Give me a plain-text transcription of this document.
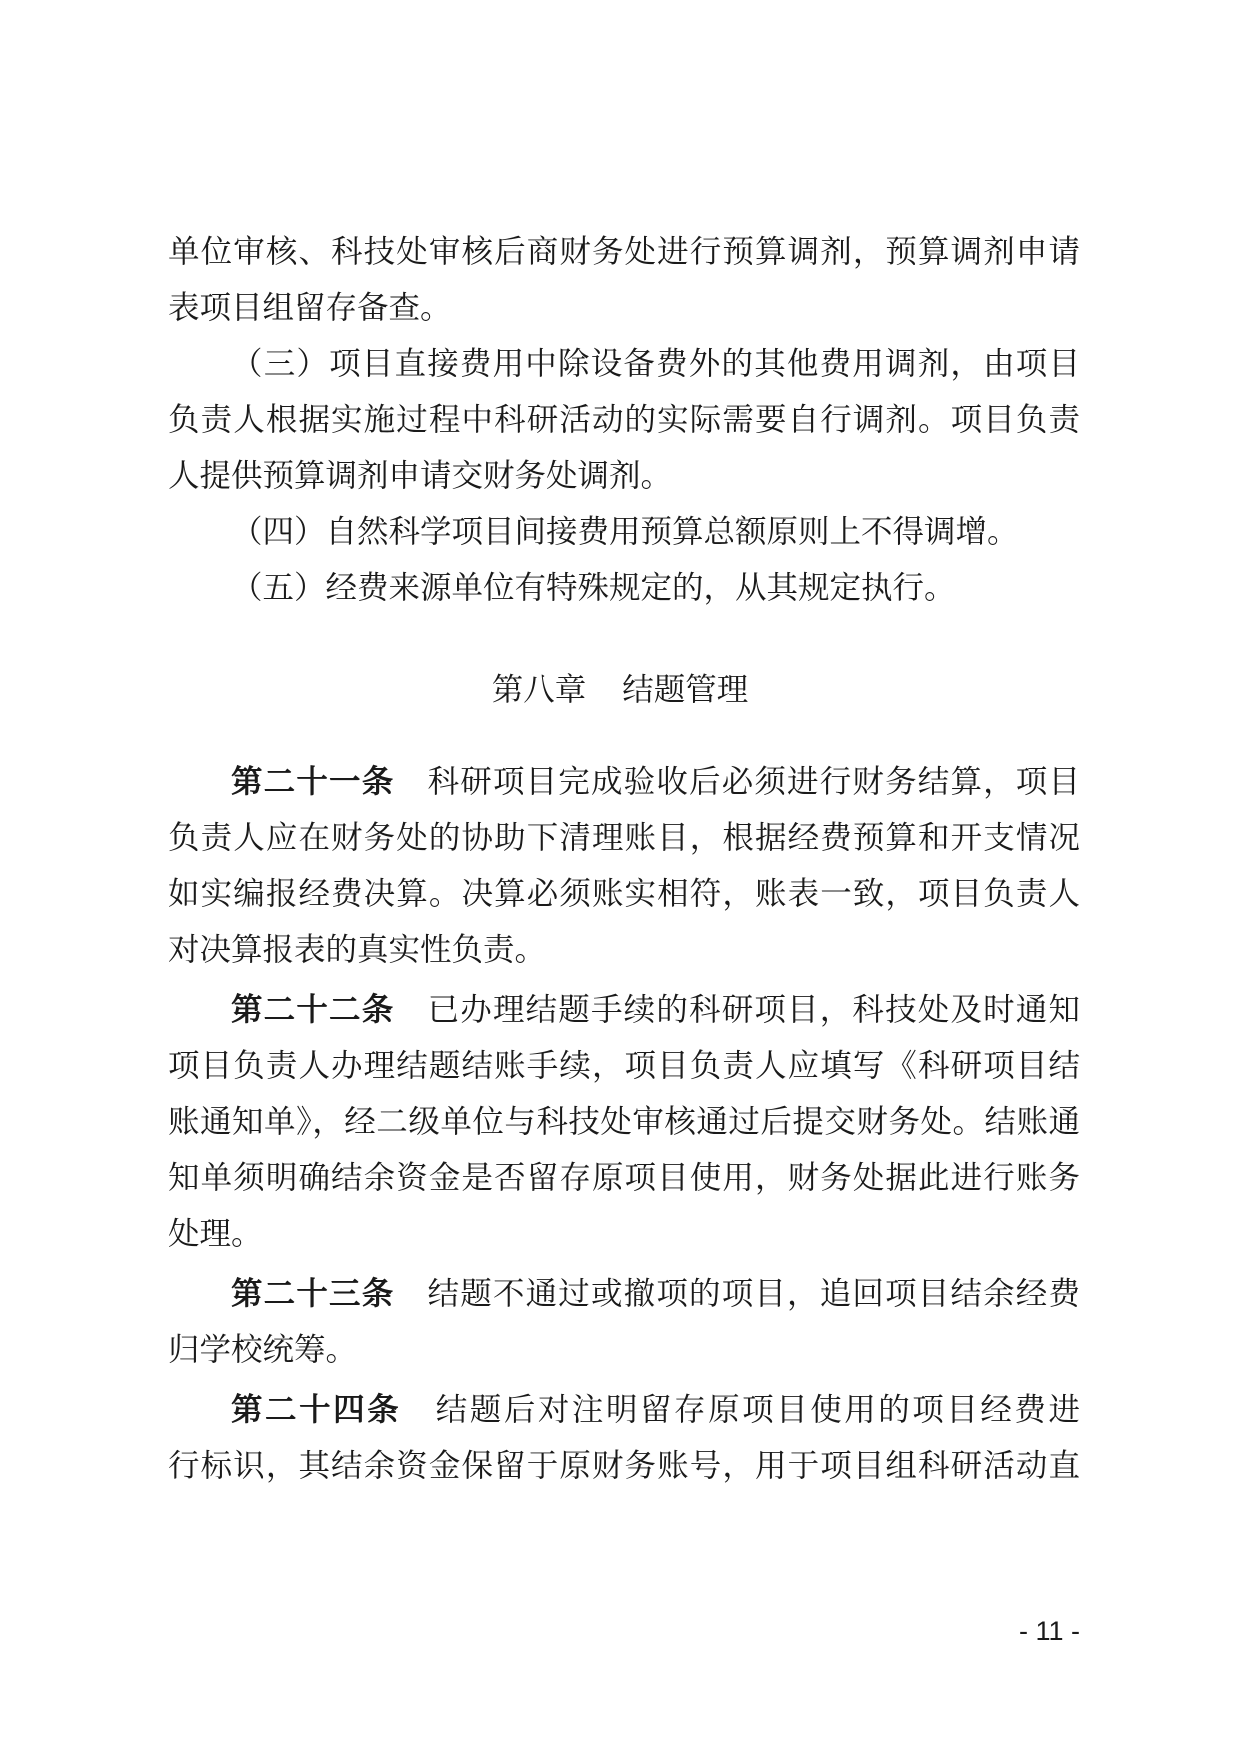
单位审核、科技处审核后商财务处进行预算调剂，预算调剂申请
表项目组留存备查。
（三）项目直接费用中除设备费外的其他费用调剂，由项目
负责人根据实施过程中科研活动的实际需要自行调剂。项目负责
人提供预算调剂申请交财务处调剂。
（四）自然科学项目间接费用预算总额原则上不得调增。
（五）经费来源单位有特殊规定的，从其规定执行。
第八章 结题管理
第二十一条 科研项目完成验收后必须进行财务结算，项目
负责人应在财务处的协助下清理账目，根据经费预算和开支情况
如实编报经费决算。决算必须账实相符，账表一致，项目负责人
对决算报表的真实性负责。
第二十二条 已办理结题手续的科研项目，科技处及时通知
项目负责人办理结题结账手续，项目负责人应填写《科研项目结
账通知单》，经二级单位与科技处审核通过后提交财务处。结账通
知单须明确结余资金是否留存原项目使用，财务处据此进行账务
处理。
第二十三条 结题不通过或撤项的项目，追回项目结余经费
归学校统筹。
第二十四条 结题后对注明留存原项目使用的项目经费进
行标识，其结余资金保留于原财务账号，用于项目组科研活动直
- 11 -
